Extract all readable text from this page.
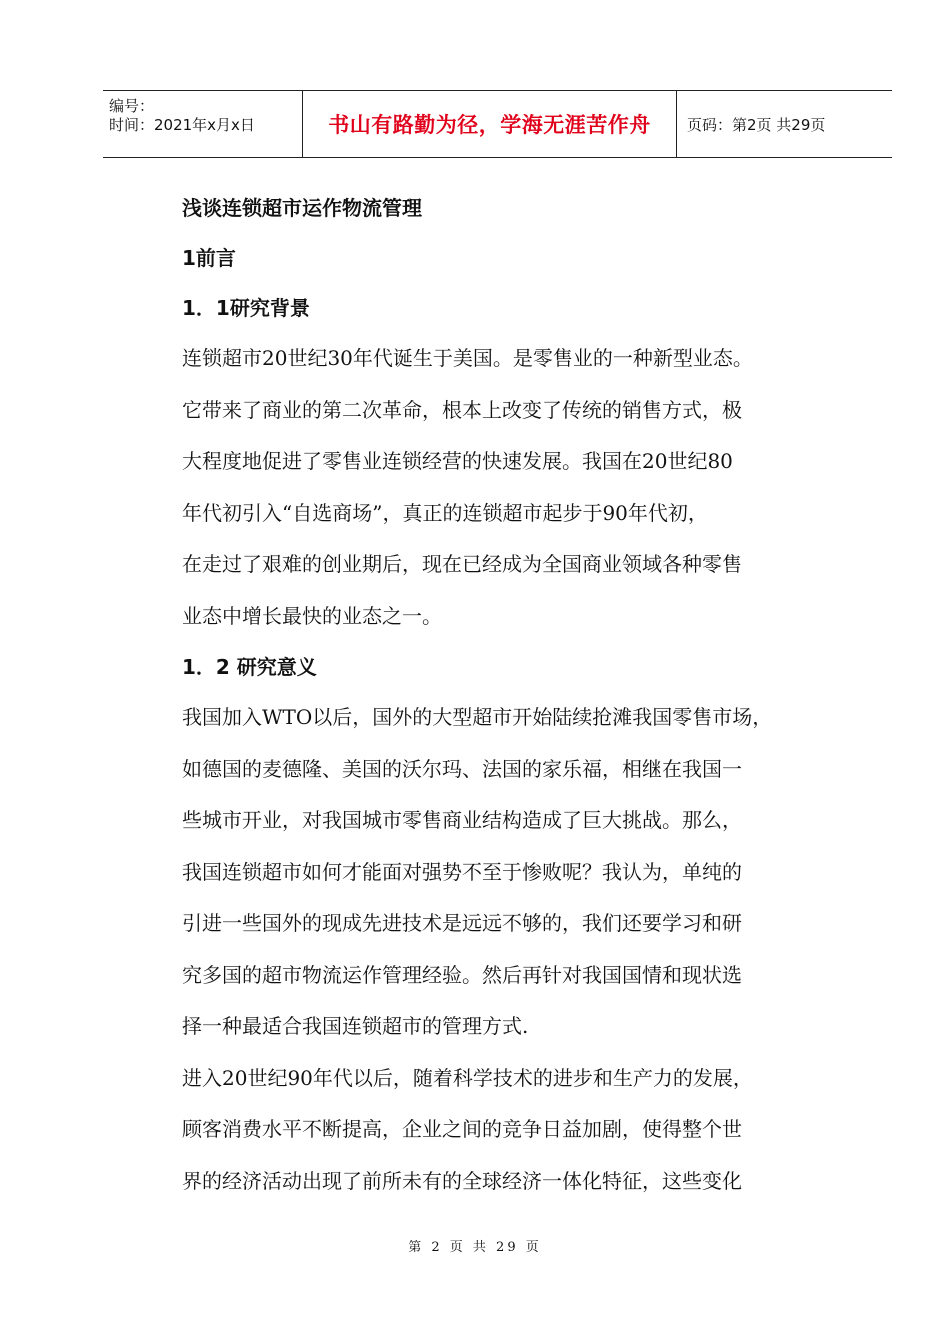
编号：
时间：2021年x月x日	书山有路勤为径，学海无涯苦作舟 页码：第2页 共29页
浅谈连锁超市运作物流管理
1前言
1．1研究背景
连锁超市20世纪30年代诞生于美国。是零售业的一种新型业态。
它带来了商业的第二次革命，根本上改变了传统的销售方式，极
大程度地促进了零售业连锁经营的快速发展。我国在20世纪80
年代初引入“自选商场”，真正的连锁超市起步于90年代初，
在走过了艰难的创业期后，现在已经成为全国商业领域各种零售
业态中增长最快的业态之一。
1．2 研究意义
我国加入WTO以后，国外的大型超市开始陆续抢滩我国零售市场，
如德国的麦德隆、美国的沃尔玛、法国的家乐福，相继在我国一
些城市开业，对我国城市零售商业结构造成了巨大挑战。那么，
我国连锁超市如何才能面对强势不至于惨败呢？我认为，单纯的
引进一些国外的现成先进技术是远远不够的，我们还要学习和研
究多国的超市物流运作管理经验。然后再针对我国国情和现状选
择一种最适合我国连锁超市的管理方式.
进入20世纪90年代以后，随着科学技术的进步和生产力的发展，
顾客消费水平不断提高，企业之间的竞争日益加剧，使得整个世
界的经济活动出现了前所未有的全球经济一体化特征，这些变化
第 2 页 共 29 页
